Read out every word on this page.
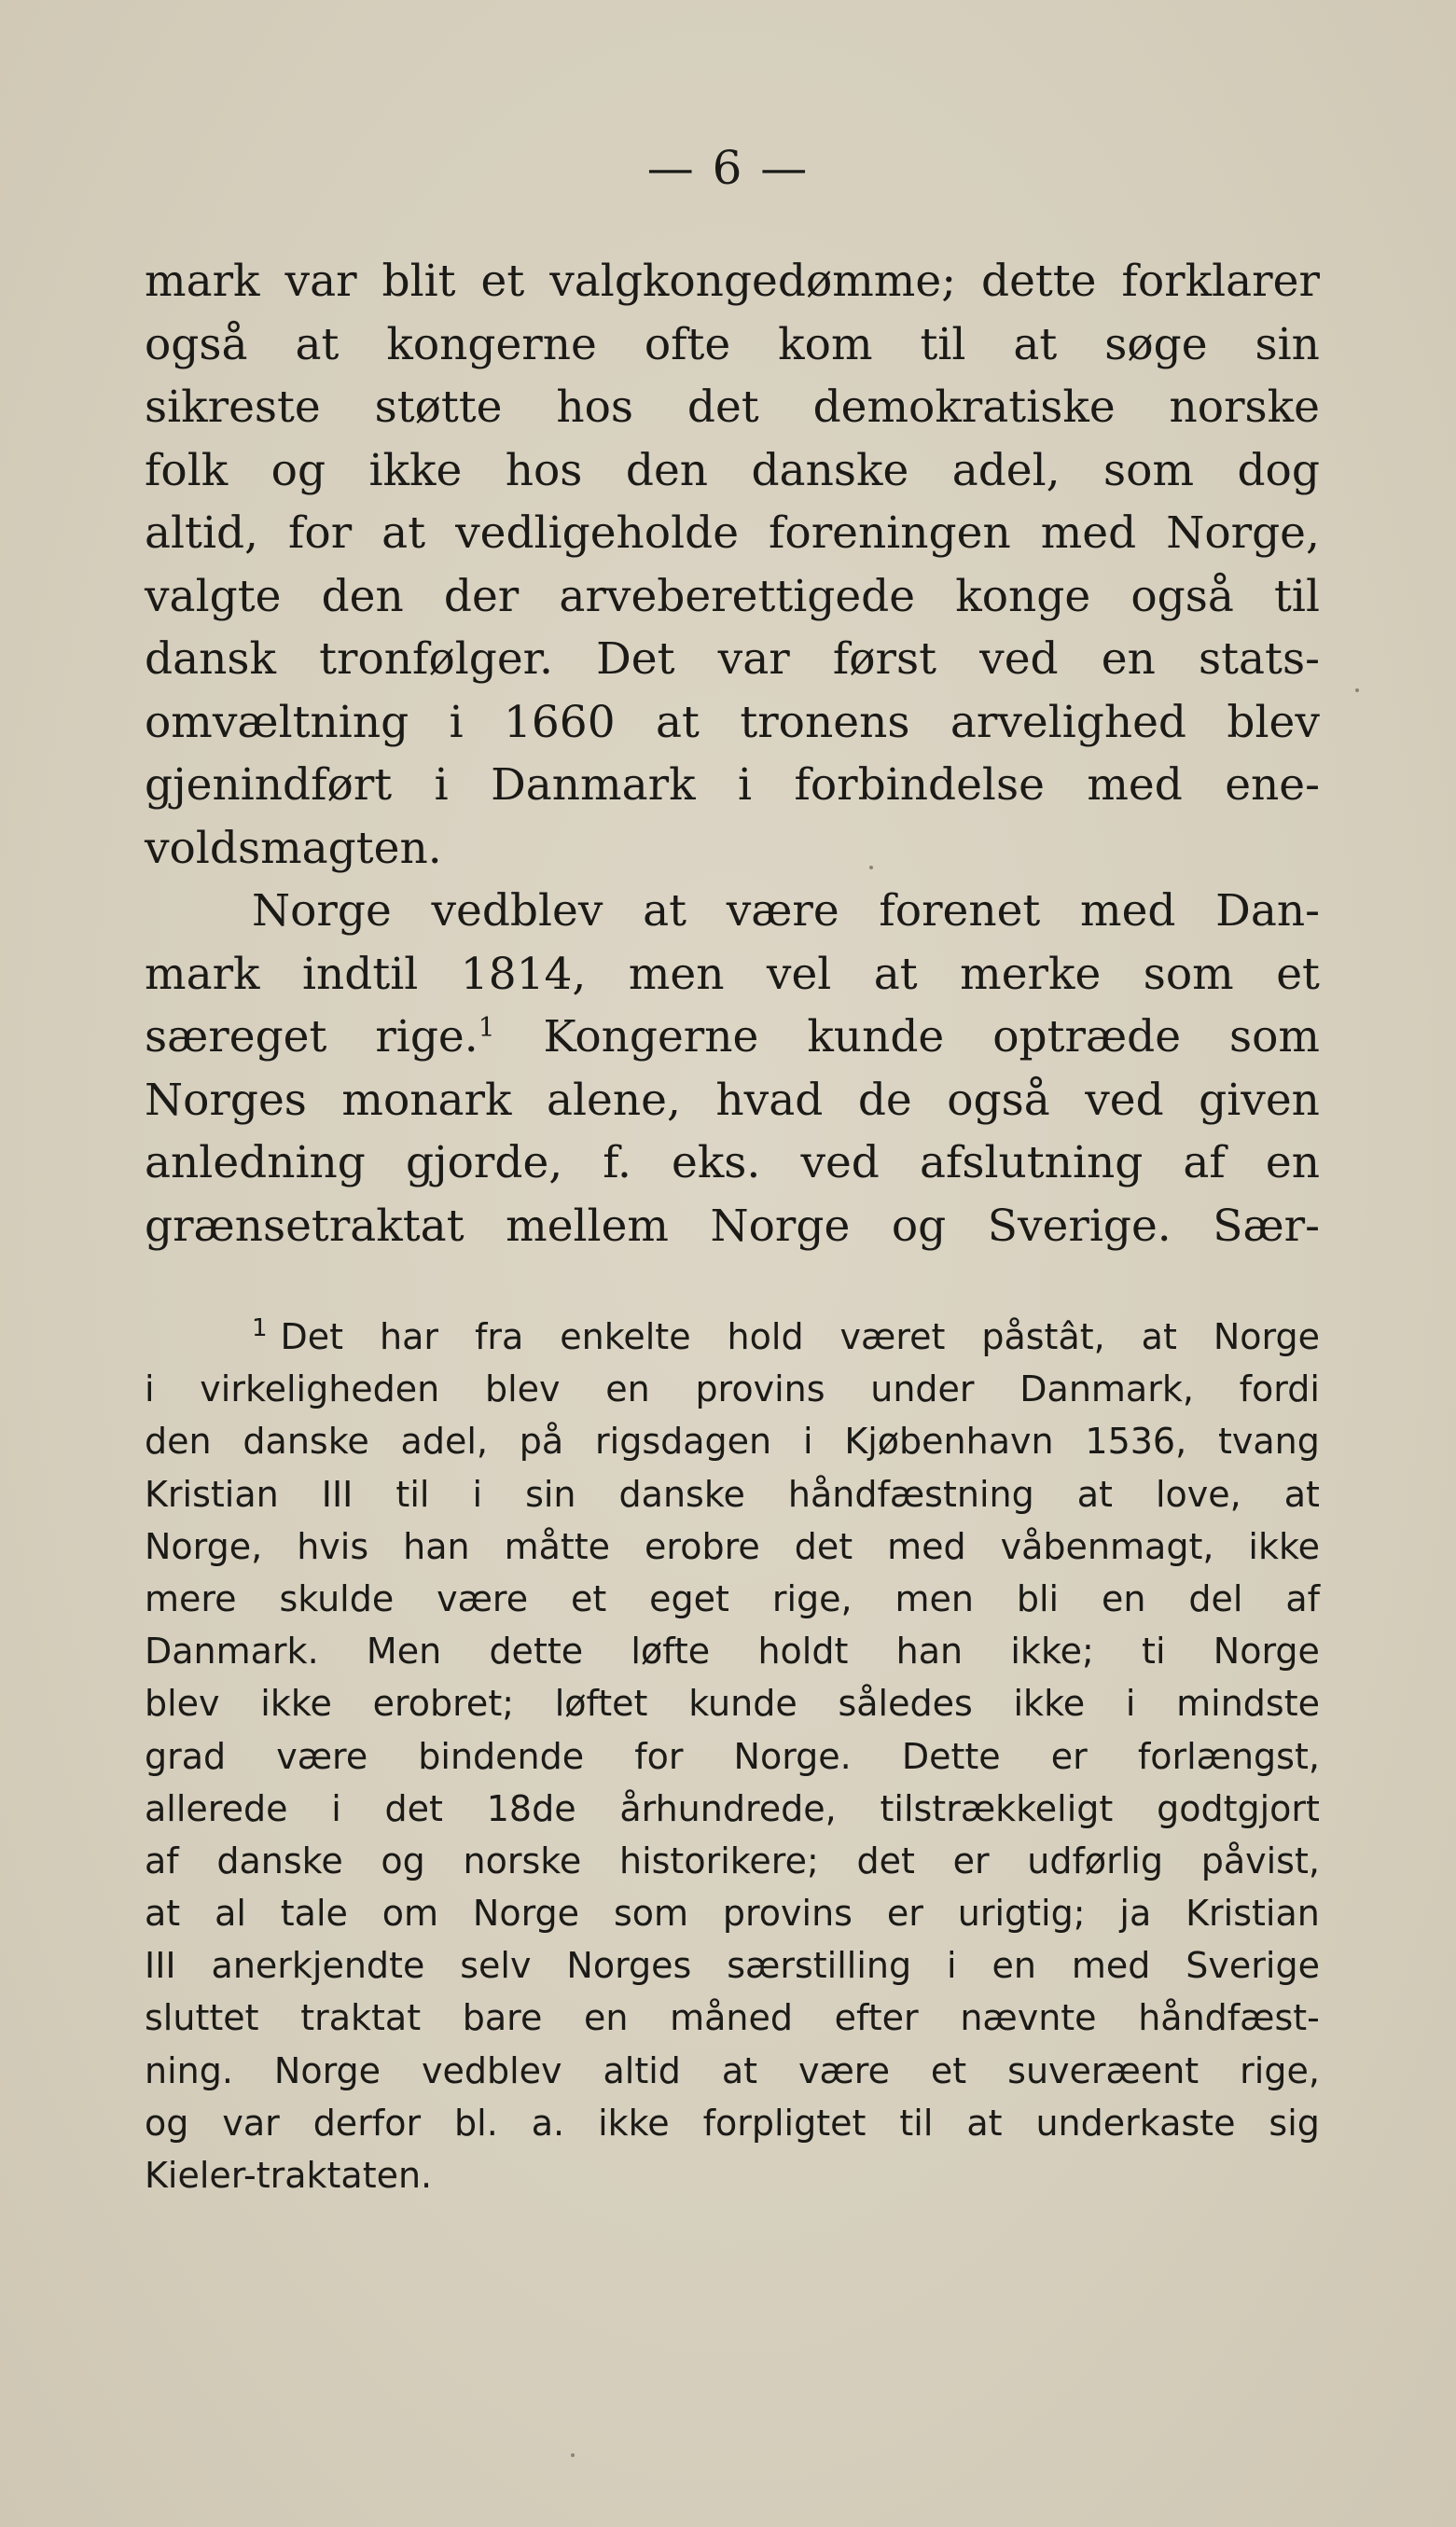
— 6 —
mark var blit et valgkongedømme; dette forklarer
også at kongerne ofte kom til at søge sin
sikreste støtte hos det demokratiske norske
folk og ikke hos den danske adel, som dog
altid, for at vedligeholde foreningen med Norge,
valgte den der arveberettigede konge også til
dansk tronfølger. Det var først ved en stats-
omvæltning i 1660 at tronens arvelighed blev
gjenindført i Danmark i forbindelse med ene-
voldsmagten.
Norge vedblev at være forenet med Dan-
mark indtil 1814, men vel at merke som et
særeget rige.$^1$ Kongerne kunde optræde som
Norges monark alene, hvad de også ved given
anledning gjorde, f. eks. ved afslutning af en
grænsetraktat mellem Norge og Sverige. Sær-
$^1$ Det har fra enkelte hold været påstât, at Norge
i virkeligheden blev en provins under Danmark, fordi
den danske adel, på rigsdagen i Kjøbenhavn 1536, tvang
Kristian III til i sin danske håndfæstning at love, at
Norge, hvis han måtte erobre det med våbenmagt, ikke
mere skulde være et eget rige, men bli en del af
Danmark. Men dette løfte holdt han ikke; ti Norge
blev ikke erobret; løftet kunde således ikke i mindste
grad være bindende for Norge. Dette er forlængst,
allerede i det 18de århundrede, tilstrækkeligt godtgjort
af danske og norske historikere; det er udførlig påvist,
at al tale om Norge som provins er urigtig; ja Kristian
III anerkjendte selv Norges særstilling i en med Sverige
sluttet traktat bare en måned efter nævnte håndfæst-
ning. Norge vedblev altid at være et suveræent rige,
og var derfor bl. a. ikke forpligtet til at underkaste sig
Kieler-traktaten.
